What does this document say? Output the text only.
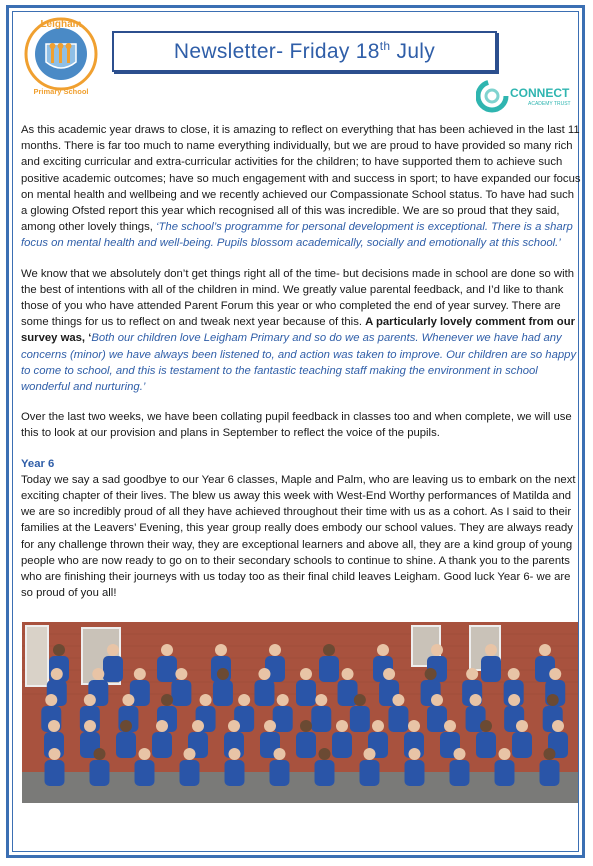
Leigham
Primary School
Newsletter- Friday 18th July
CONNECT
ACADEMY TRUST

As this academic year draws to close, it is amazing to reflect on everything that has been achieved in the last 11 months. There is far too much to name everything individually, but we are proud to have provided so many rich and exciting curricular and extra-curricular activities for the children; to have supported them to achieve such positive academic outcomes; have so much engagement with and success in sport; to have expanded our focus on mental health and wellbeing and we recently achieved our Compassionate School status. To have had such a glowing Ofsted report this year which recognised all of this was incredible. We are so proud that they said, among other lovely things, ‘The school’s programme for personal development is exceptional. There is a sharp focus on mental health and well-being. Pupils blossom academically, socially and emotionally at this school.’

We know that we absolutely don’t get things right all of the time- but decisions made in school are done so with the best of intentions with all of the children in mind. We greatly value parental feedback, and I’d like to thank those of you who have attended Parent Forum this year or who completed the end of year survey. There are some things for us to reflect on and tweak next year because of this. A particularly lovely comment from our survey was, ‘Both our children love Leigham Primary and so do we as parents. Whenever we have had any concerns (minor) we have always been listened to, and action was taken to improve. Our children are so happy to come to school, and this is testament to the fantastic teaching staff making the environment in school wonderful and nurturing.’

Over the last two weeks, we have been collating pupil feedback in classes too and when complete, we will use this to look at our provision and plans in September to reflect the voice of the pupils.

Year 6

Today we say a sad goodbye to our Year 6 classes, Maple and Palm, who are leaving us to embark on the next exciting chapter of their lives. The blew us away this week with West-End Worthy performances of Matilda and we are so incredibly proud of all they have achieved throughout their time with us as a cohort. As I said to their families at the Leavers’ Evening, this year group really does embody our school values. They are always ready for any challenge thrown their way, they are exceptional learners and above all, they are a kind group of young people who are now ready to go on to their secondary schools to continue to shine. A thank you to the parents who are finishing their journeys with us today too as their final child leaves Leigham. Good luck Year 6- we are so proud of you all!
